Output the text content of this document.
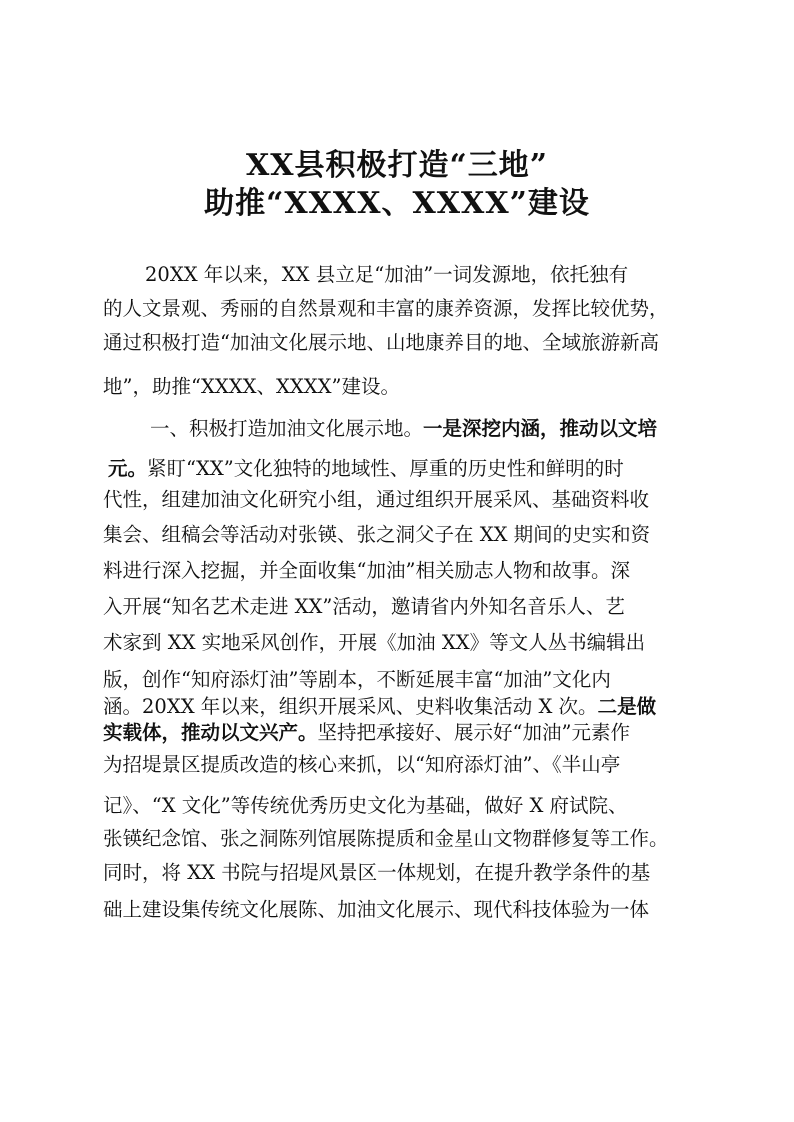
XX县积极打造“三地”
助推“XXXX、XXXX”建设
20XX 年以来，XX 县立足“加油”一词发源地，依托独有
的人文景观、秀丽的自然景观和丰富的康养资源，发挥比较优势，
通过积极打造“加油文化展示地、山地康养目的地、全域旅游新高
地”，助推“XXXX、XXXX”建设。
一、积极打造加油文化展示地。一是深挖内涵，推动以文培
元。紧盯“XX”文化独特的地域性、厚重的历史性和鲜明的时
代性，组建加油文化研究小组，通过组织开展采风、基础资料收
集会、组稿会等活动对张锳、张之洞父子在 XX 期间的史实和资
料进行深入挖掘，并全面收集“加油”相关励志人物和故事。深
入开展“知名艺术走进 XX”活动，邀请省内外知名音乐人、艺
术家到 XX 实地采风创作，开展《加油 XX》等文人丛书编辑出
版，创作“知府添灯油”等剧本，不断延展丰富“加油”文化内
涵。20XX 年以来，组织开展采风、史料收集活动 X 次。二是做
实载体，推动以文兴产。坚持把承接好、展示好“加油”元素作
为招堤景区提质改造的核心来抓，以“知府添灯油”、《半山亭
记》、“X 文化”等传统优秀历史文化为基础，做好 X 府试院、
张锳纪念馆、张之洞陈列馆展陈提质和金星山文物群修复等工作。
同时，将 XX 书院与招堤风景区一体规划，在提升教学条件的基
础上建设集传统文化展陈、加油文化展示、现代科技体验为一体
